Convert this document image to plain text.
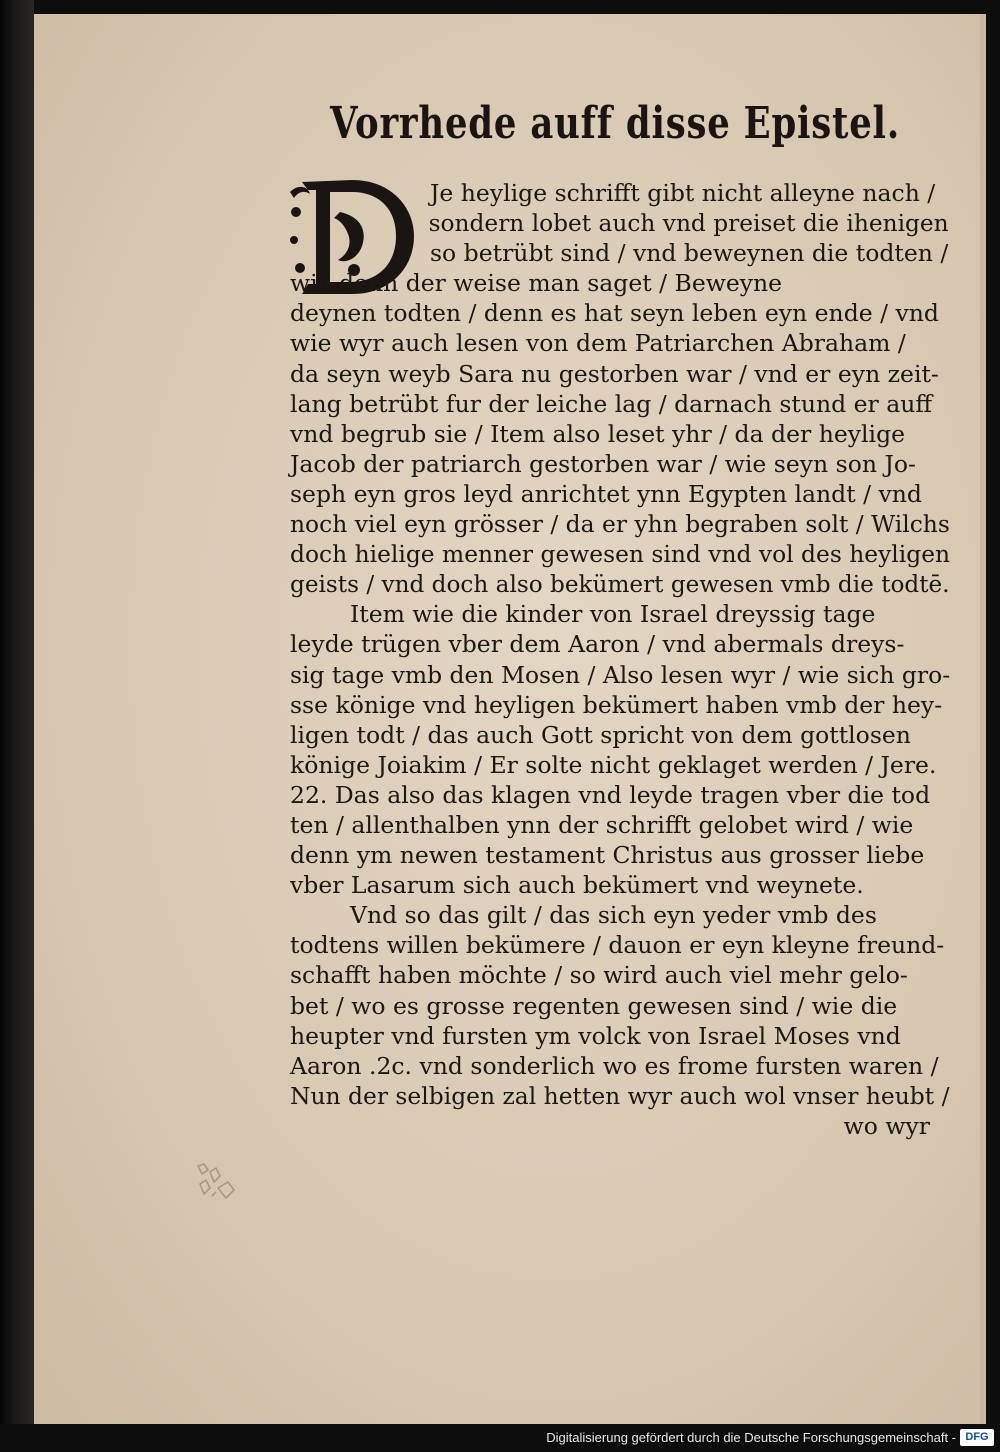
Vorrhede auff disse Epistel.
Je heylige schrifft gibt nicht alleyne nach /
sondern lobet auch vnd preiset die ihenigen
so betrübt sind / vnd beweynen die todten /
wie denn der weise man saget / Beweyne
deynen todten / denn es hat seyn leben eyn ende / vnd
wie wyr auch lesen von dem Patriarchen Abraham /
da seyn weyb Sara nu gestorben war / vnd er eyn zeit-
lang betrübt fur der leiche lag / darnach stund er auff
vnd begrub sie / Item also leset yhr / da der heylige
Jacob der patriarch gestorben war / wie seyn son Jo-
seph eyn gros leyd anrichtet ynn Egypten landt / vnd
noch viel eyn grösser / da er yhn begraben solt / Wilchs
doch hielige menner gewesen sind vnd vol des heyligen
geists / vnd doch also bekümert gewesen vmb die todtē.
Item wie die kinder von Israel dreyssig tage
leyde trügen vber dem Aaron / vnd abermals dreys-
sig tage vmb den Mosen / Also lesen wyr / wie sich gro-
sse könige vnd heyligen bekümert haben vmb der hey-
ligen todt / das auch Gott spricht von dem gottlosen
könige Joiakim / Er solte nicht geklaget werden / Jere.
22. Das also das klagen vnd leyde tragen vber die tod
ten / allenthalben ynn der schrifft gelobet wird / wie
denn ym newen testament Christus aus grosser liebe
vber Lasarum sich auch bekümert vnd weynete.
Vnd so das gilt / das sich eyn yeder vmb des
todtens willen bekümere / dauon er eyn kleyne freund-
schafft haben möchte / so wird auch viel mehr gelo-
bet / wo es grosse regenten gewesen sind / wie die
heupter vnd fursten ym volck von Israel Moses vnd
Aaron .2c. vnd sonderlich wo es frome fursten waren /
Nun der selbigen zal hetten wyr auch wol vnser heubt /
wo wyr
Digitalisierung gefördert durch die Deutsche Forschungsgemeinschaft - DFG
